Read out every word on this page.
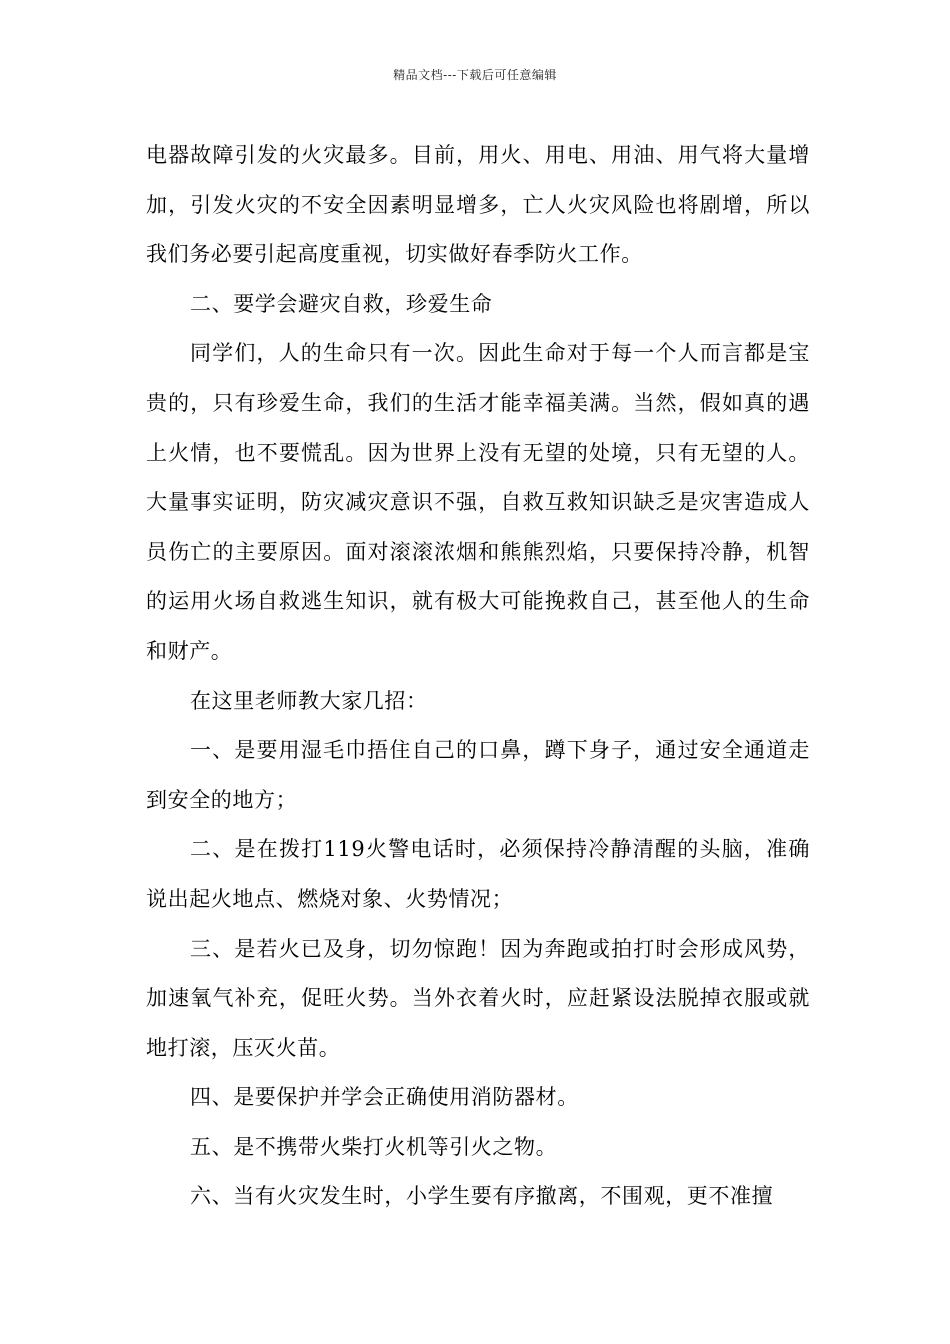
精品文档---下载后可任意编辑

电器故障引发的火灾最多。目前，用火、用电、用油、用气将大量增加，引发火灾的不安全因素明显增多，亡人火灾风险也将剧增，所以我们务必要引起高度重视，切实做好春季防火工作。

二、要学会避灾自救，珍爱生命

同学们，人的生命只有一次。因此生命对于每一个人而言都是宝贵的，只有珍爱生命，我们的生活才能幸福美满。当然，假如真的遇上火情，也不要慌乱。因为世界上没有无望的处境，只有无望的人。大量事实证明，防灾减灾意识不强，自救互救知识缺乏是灾害造成人员伤亡的主要原因。面对滚滚浓烟和熊熊烈焰，只要保持冷静，机智的运用火场自救逃生知识，就有极大可能挽救自己，甚至他人的生命和财产。

在这里老师教大家几招：

一、是要用湿毛巾捂住自己的口鼻，蹲下身子，通过安全通道走到安全的地方；

二、是在拨打119火警电话时，必须保持冷静清醒的头脑，准确说出起火地点、燃烧对象、火势情况；

三、是若火已及身，切勿惊跑！因为奔跑或拍打时会形成风势，加速氧气补充，促旺火势。当外衣着火时，应赶紧设法脱掉衣服或就地打滚，压灭火苗。

四、是要保护并学会正确使用消防器材。

五、是不携带火柴打火机等引火之物。

六、当有火灾发生时，小学生要有序撤离，不围观，更不准擅
